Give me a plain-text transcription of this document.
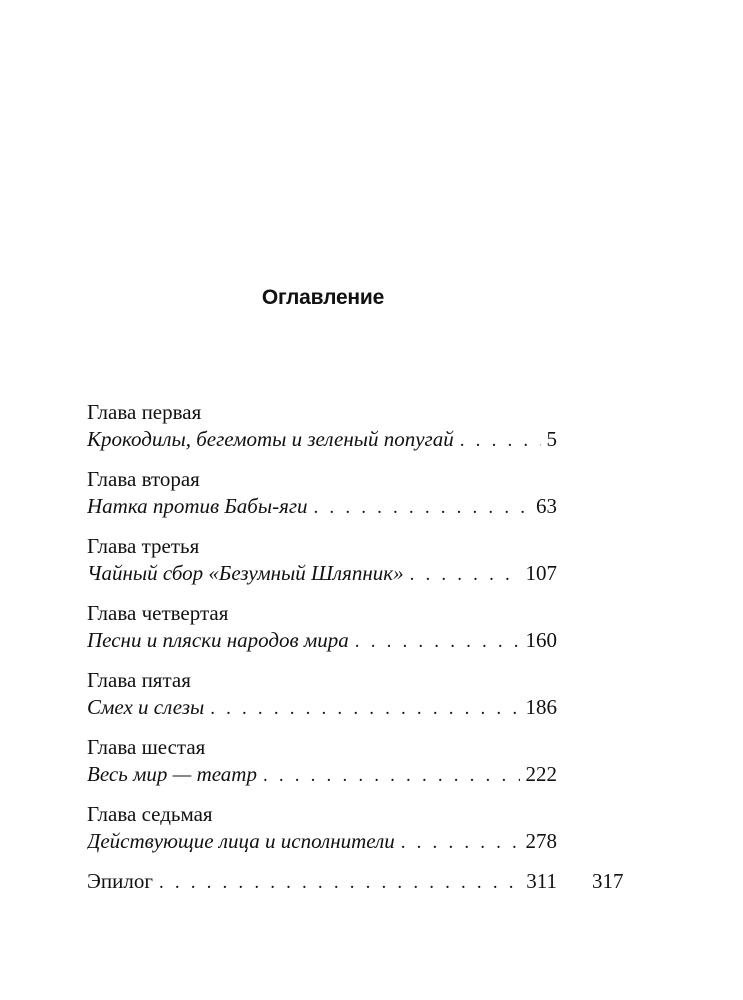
Оглавление
Глава первая
Крокодилы, бегемоты и зеленый попугай . . .	5
Глава вторая
Натка против Бабы-яги . . .	63
Глава третья
Чайный сбор «Безумный Шляпник» . . .	107
Глава четвертая
Песни и пляски народов мира . . .	160
Глава пятая
Смех и слезы . . .	186
Глава шестая
Весь мир — театр . . .	222
Глава седьмая
Действующие лица и исполнители . . .	278
Эпилог . . .	311 317
